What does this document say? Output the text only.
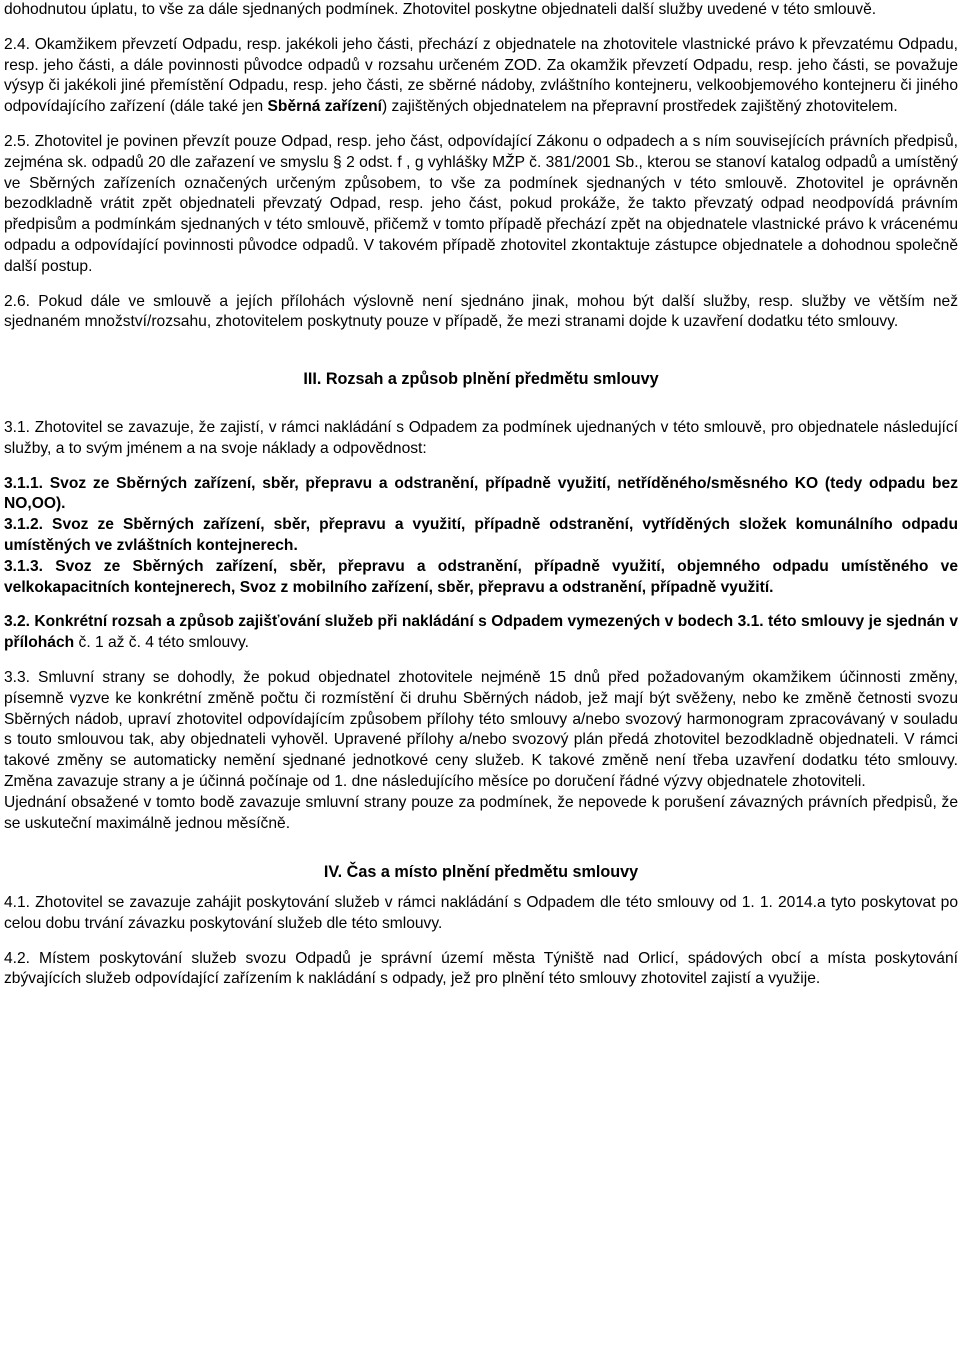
dohodnutou úplatu, to vše za dále sjednaných podmínek. Zhotovitel poskytne objednateli další služby uvedené v této smlouvě.

2.4. Okamžikem převzetí Odpadu, resp. jakékoli jeho části, přechází z objednatele na zhotovitele vlastnické právo k převzatému Odpadu, resp. jeho části, a dále povinnosti původce odpadů v rozsahu určeném ZOD. Za okamžik převzetí Odpadu, resp. jeho části, se považuje výsyp či jakékoli jiné přemístění Odpadu, resp. jeho části, ze sběrné nádoby, zvláštního kontejneru, velkoobjemového kontejneru či jiného odpovídajícího zařízení (dále také jen Sběrná zařízení) zajištěných objednatelem na přepravní prostředek zajištěný zhotovitelem.

2.5. Zhotovitel je povinen převzít pouze Odpad, resp. jeho část, odpovídající Zákonu o odpadech a s ním souvisejících právních předpisů, zejména sk. odpadů 20 dle zařazení ve smyslu § 2 odst. f , g vyhlášky MŽP č. 381/2001 Sb., kterou se stanoví katalog odpadů a umístěný ve Sběrných zařízeních označených určeným způsobem, to vše za podmínek sjednaných v této smlouvě. Zhotovitel je oprávněn bezodkladně vrátit zpět objednateli převzatý Odpad, resp. jeho část, pokud prokáže, že takto převzatý odpad neodpovídá právním předpisům a podmínkám sjednaných v této smlouvě, přičemž v tomto případě přechází zpět na objednatele vlastnické právo k vrácenému odpadu a odpovídající povinnosti původce odpadů. V takovém případě zhotovitel zkontaktuje zástupce objednatele a dohodnou společně další postup.

2.6. Pokud dále ve smlouvě a jejích přílohách výslovně není sjednáno jinak, mohou být další služby, resp. služby ve větším než sjednaném množství/rozsahu, zhotovitelem poskytnuty pouze v případě, že mezi stranami dojde k uzavření dodatku této smlouvy.

III. Rozsah a způsob plnění předmětu smlouvy

3.1. Zhotovitel se zavazuje, že zajistí, v rámci nakládání s Odpadem za podmínek ujednaných v této smlouvě, pro objednatele následující služby, a to svým jménem a na svoje náklady a odpovědnost:

3.1.1. Svoz ze Sběrných zařízení, sběr, přepravu a odstranění, případně využití, netříděného/směsného KO (tedy odpadu bez NO,OO).

3.1.2. Svoz ze Sběrných zařízení, sběr, přepravu a využití, případně odstranění, vytříděných složek komunálního odpadu umístěných ve zvláštních kontejnerech.

3.1.3. Svoz ze Sběrných zařízení, sběr, přepravu a odstranění, případně využití, objemného odpadu umístěného ve velkokapacitních kontejnerech, Svoz z mobilního zařízení, sběr, přepravu a odstranění, případně využití.

3.2. Konkrétní rozsah a způsob zajišťování služeb při nakládání s Odpadem vymezených v bodech 3.1. této smlouvy je sjednán v přílohách č. 1 až č. 4 této smlouvy.

3.3. Smluvní strany se dohodly, že pokud objednatel zhotovitele nejméně 15 dnů před požadovaným okamžikem účinnosti změny, písemně vyzve ke konkrétní změně počtu či rozmístění či druhu Sběrných nádob, jež mají být svěženy, nebo ke změně četnosti svozu Sběrných nádob, upraví zhotovitel odpovídajícím způsobem přílohy této smlouvy a/nebo svozový harmonogram zpracovávaný v souladu s touto smlouvou tak, aby objednateli vyhověl. Upravené přílohy a/nebo svozový plán předá zhotovitel bezodkladně objednateli. V rámci takové změny se automaticky nemění sjednané jednotkové ceny služeb. K takové změně není třeba uzavření dodatku této smlouvy. Změna zavazuje strany a je účinná počínaje od 1. dne následujícího měsíce po doručení řádné výzvy objednatele zhotoviteli.

Ujednání obsažené v tomto bodě zavazuje smluvní strany pouze za podmínek, že nepovede k porušení závazných právních předpisů, že se uskuteční maximálně jednou měsíčně.

IV. Čas a místo plnění předmětu smlouvy

4.1. Zhotovitel se zavazuje zahájit poskytování služeb v rámci nakládání s Odpadem dle této smlouvy od 1. 1. 2014.a tyto poskytovat po celou dobu trvání závazku poskytování služeb dle této smlouvy.

4.2. Místem poskytování služeb svozu Odpadů je správní území města Týniště nad Orlicí, spádových obcí a místa poskytování zbývajících služeb odpovídající zařízením k nakládání s odpady, jež pro plnění této smlouvy zhotovitel zajistí a využije.
